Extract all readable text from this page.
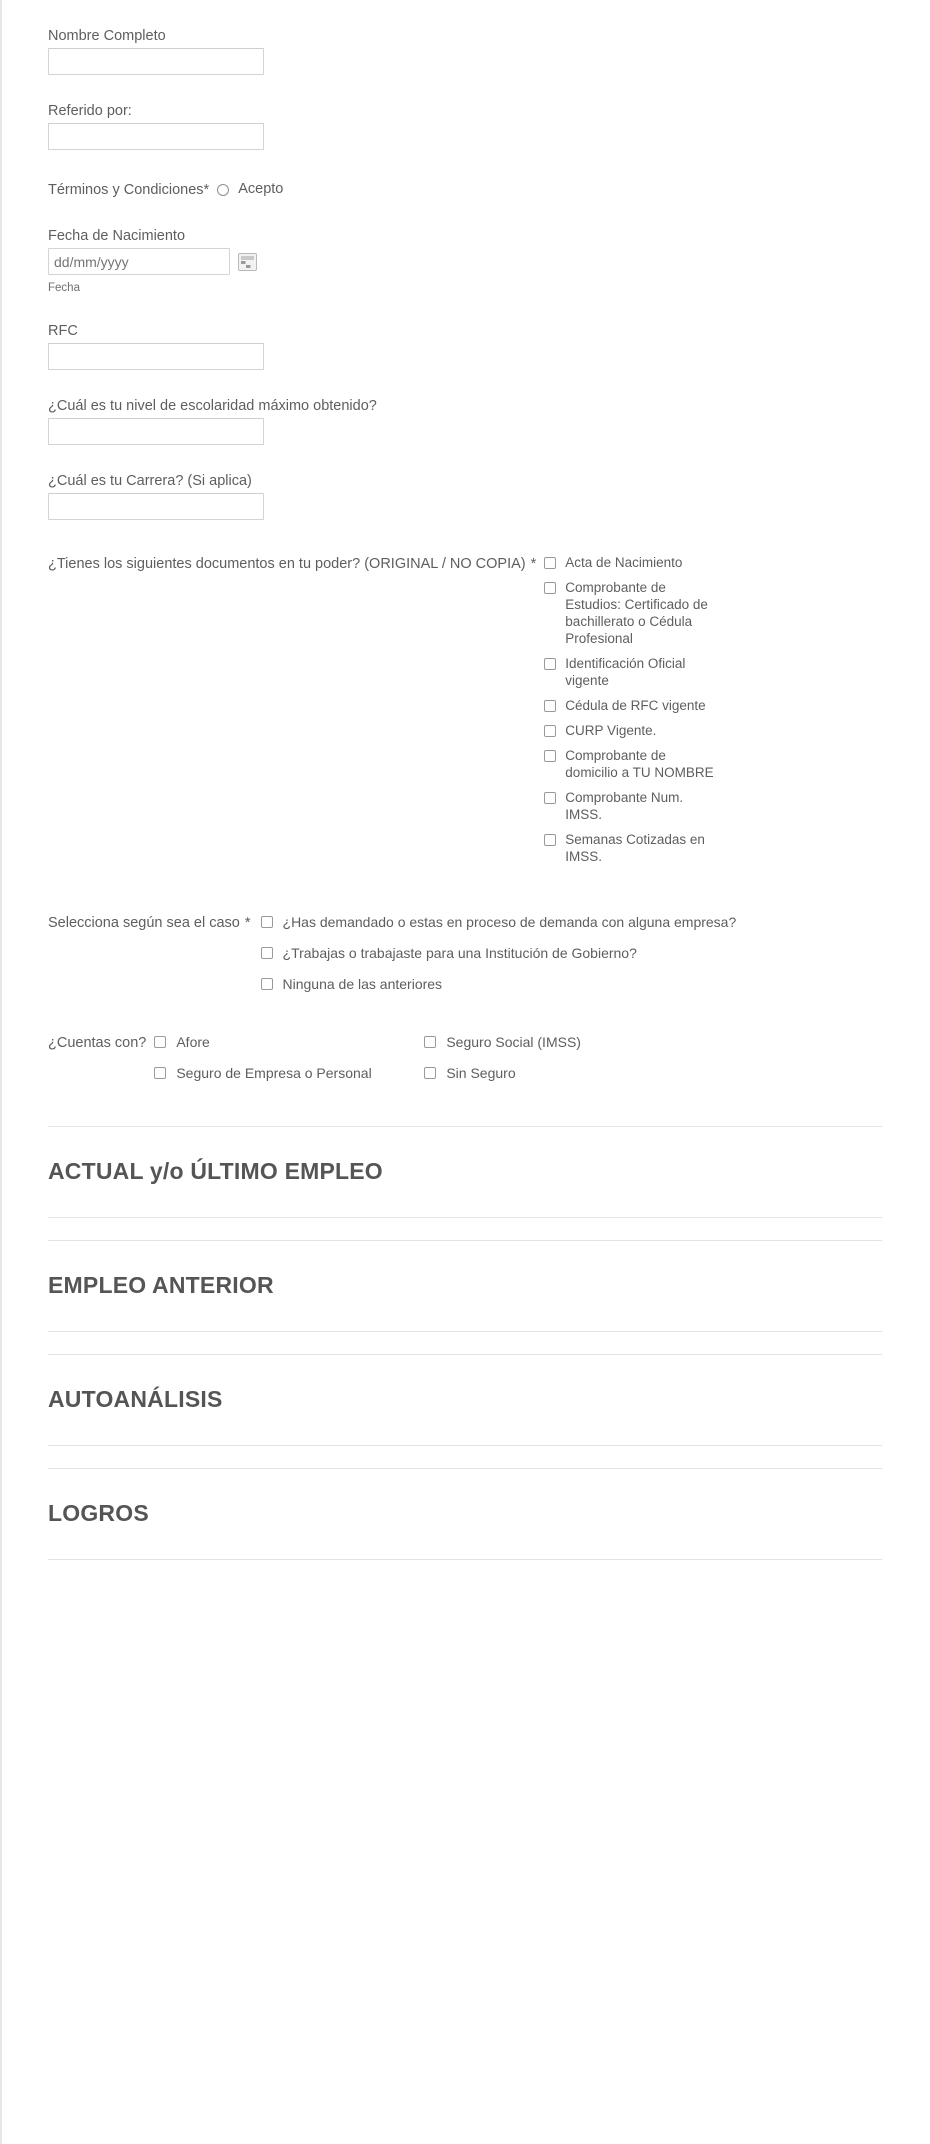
Nombre Completo
Referido por:
Términos y Condiciones * Acepto
Fecha de Nacimiento
dd/mm/yyyy
Fecha
RFC
¿Cuál es tu nivel de escolaridad máximo obtenido?
¿Cuál es tu Carrera? (Si aplica)
¿Tienes los siguientes documentos en tu poder? (ORIGINAL / NO COPIA) * Acta de Nacimiento
Comprobante de Estudios: Certificado de bachillerato o Cédula Profesional
Identificación Oficial vigente
Cédula de RFC vigente
CURP Vigente.
Comprobante de domicilio a TU NOMBRE
Comprobante Num. IMSS.
Semanas Cotizadas en IMSS.
Selecciona según sea el caso * ¿Has demandado o estas en proceso de demanda con alguna empresa?
¿Trabajas o trabajaste para una Institución de Gobierno?
Ninguna de las anteriores
¿Cuentas con? Afore	Seguro Social (IMSS)
Seguro de Empresa o Personal	Sin Seguro
ACTUAL y/o ÚLTIMO EMPLEO
EMPLEO ANTERIOR
AUTOANÁLISIS
LOGROS
